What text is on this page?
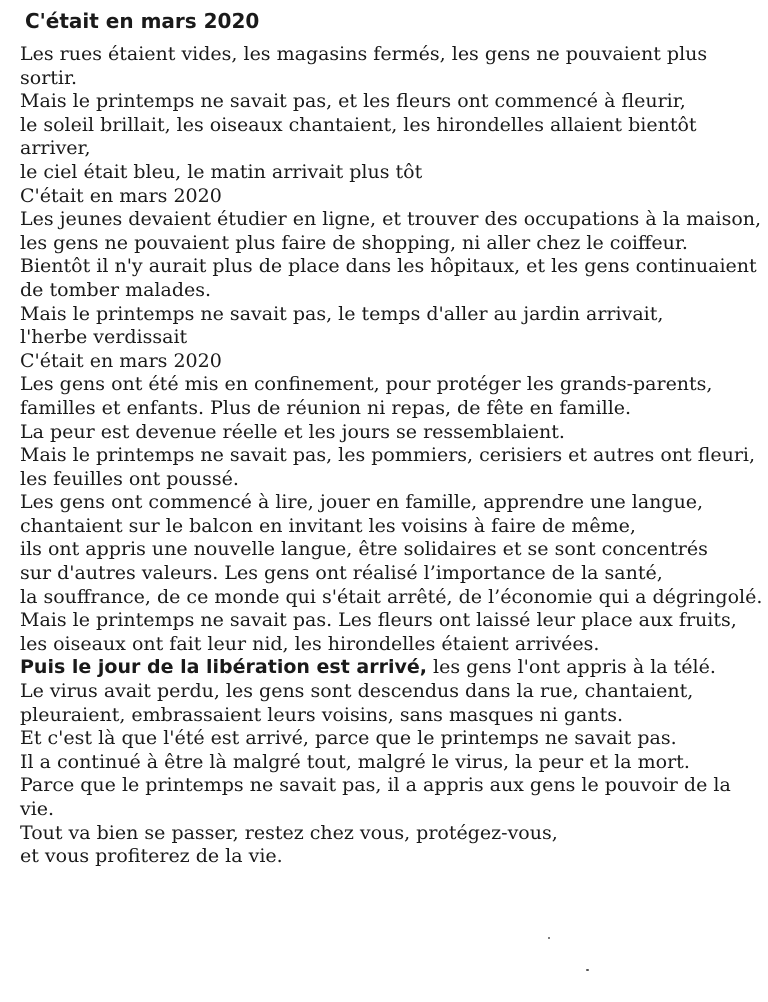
C'était en mars 2020
Les rues étaient vides, les magasins fermés, les gens ne pouvaient plus
sortir.
Mais le printemps ne savait pas, et les fleurs ont commencé à fleurir,
le soleil brillait, les oiseaux chantaient, les hirondelles allaient bientôt
arriver,
le ciel était bleu, le matin arrivait plus tôt
C'était en mars 2020
Les jeunes devaient étudier en ligne, et trouver des occupations à la maison,
les gens ne pouvaient plus faire de shopping, ni aller chez le coiffeur.
Bientôt il n'y aurait plus de place dans les hôpitaux, et les gens continuaient
de tomber malades.
Mais le printemps ne savait pas, le temps d'aller au jardin arrivait,
l'herbe verdissait
C'était en mars 2020
Les gens ont été mis en confinement, pour protéger les grands-parents,
familles et enfants. Plus de réunion ni repas, de fête en famille.
La peur est devenue réelle et les jours se ressemblaient.
Mais le printemps ne savait pas, les pommiers, cerisiers et autres ont fleuri,
les feuilles ont poussé.
Les gens ont commencé à lire, jouer en famille, apprendre une langue,
chantaient sur le balcon en invitant les voisins à faire de même,
ils ont appris une nouvelle langue, être solidaires et se sont concentrés
sur d'autres valeurs. Les gens ont réalisé l’importance de la santé,
la souffrance, de ce monde qui s'était arrêté, de l’économie qui a dégringolé.
Mais le printemps ne savait pas. Les fleurs ont laissé leur place aux fruits,
les oiseaux ont fait leur nid, les hirondelles étaient arrivées.
Puis le jour de la libération est arrivé, les gens l'ont appris à la télé.
Le virus avait perdu, les gens sont descendus dans la rue, chantaient,
pleuraient, embrassaient leurs voisins, sans masques ni gants.
Et c'est là que l'été est arrivé, parce que le printemps ne savait pas.
Il a continué à être là malgré tout, malgré le virus, la peur et la mort.
Parce que le printemps ne savait pas, il a appris aux gens le pouvoir de la
vie.
Tout va bien se passer, restez chez vous, protégez-vous,
et vous profiterez de la vie.
